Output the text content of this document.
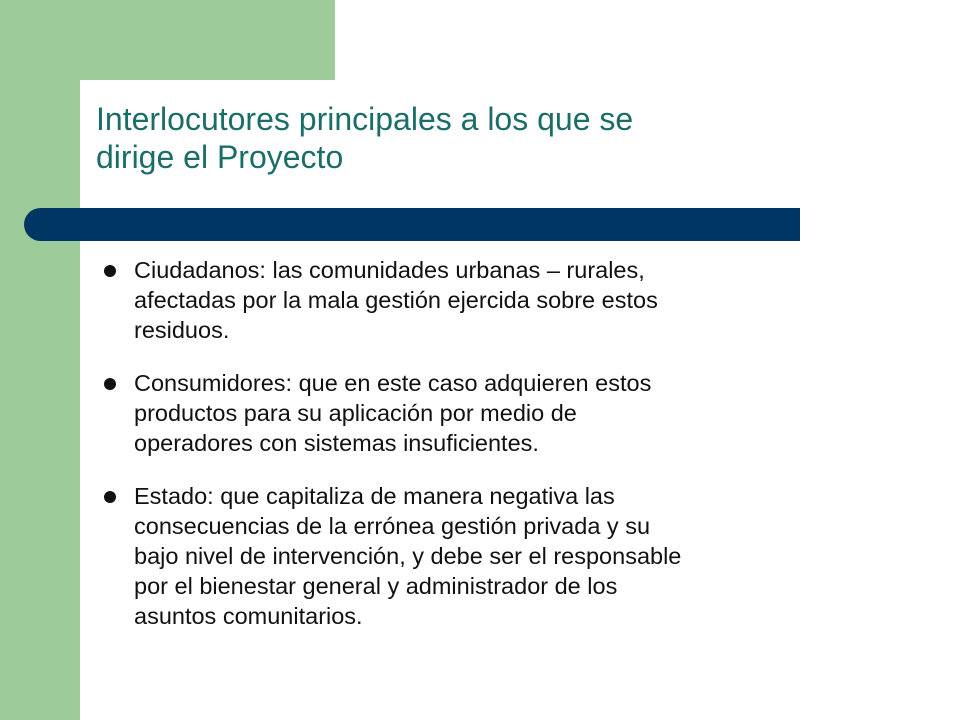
Interlocutores principales a los que se
dirige el Proyecto
Ciudadanos: las comunidades urbanas – rurales,
afectadas por la mala gestión ejercida sobre estos
residuos.
Consumidores: que en este caso adquieren estos
productos para su aplicación por medio de
operadores con sistemas insuficientes.
Estado: que capitaliza de manera negativa las
consecuencias de la errónea gestión privada y su
bajo nivel de intervención, y debe ser el responsable
por el bienestar general y administrador de los
asuntos comunitarios.
